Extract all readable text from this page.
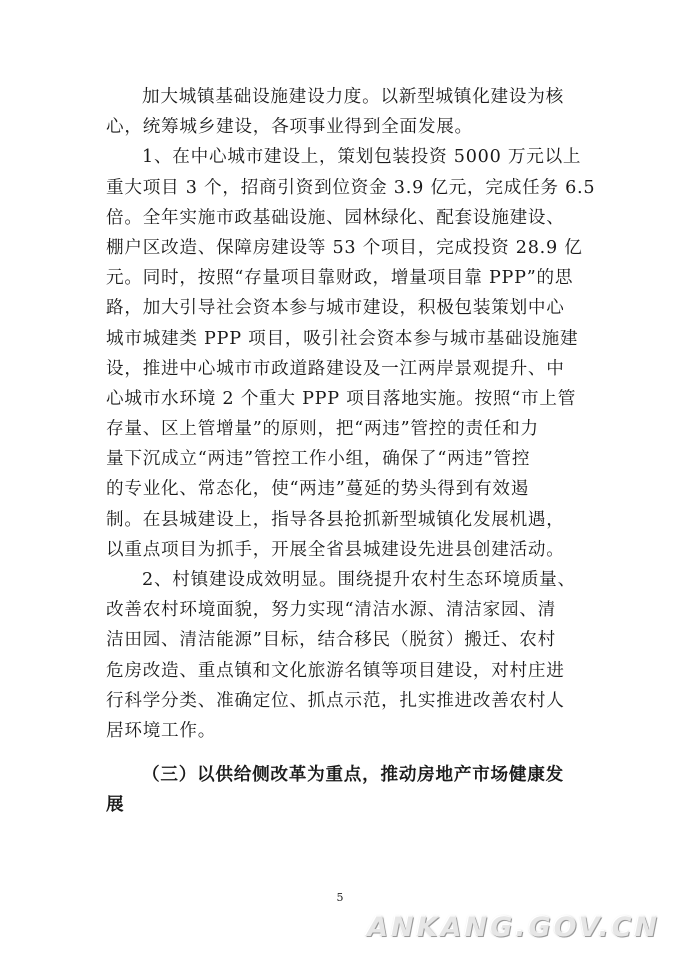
加大城镇基础设施建设力度。以新型城镇化建设为核
心，统筹城乡建设，各项事业得到全面发展。
1、在中心城市建设上，策划包装投资 5000 万元以上
重大项目 3 个，招商引资到位资金 3.9 亿元，完成任务 6.5
倍。全年实施市政基础设施、园林绿化、配套设施建设、
棚户区改造、保障房建设等 53 个项目，完成投资 28.9 亿
元。同时，按照“存量项目靠财政，增量项目靠 PPP”的思
路，加大引导社会资本参与城市建设，积极包装策划中心
城市城建类 PPP 项目，吸引社会资本参与城市基础设施建
设，推进中心城市市政道路建设及一江两岸景观提升、中
心城市水环境 2 个重大 PPP 项目落地实施。按照“市上管
存量、区上管增量”的原则，把“两违”管控的责任和力
量下沉成立“两违”管控工作小组，确保了“两违”管控
的专业化、常态化，使“两违”蔓延的势头得到有效遏
制。在县城建设上，指导各县抢抓新型城镇化发展机遇，
以重点项目为抓手，开展全省县城建设先进县创建活动。
2、村镇建设成效明显。围绕提升农村生态环境质量、
改善农村环境面貌，努力实现“清洁水源、清洁家园、清
洁田园、清洁能源”目标，结合移民（脱贫）搬迁、农村
危房改造、重点镇和文化旅游名镇等项目建设，对村庄进
行科学分类、准确定位、抓点示范，扎实推进改善农村人
居环境工作。
（三）以供给侧改革为重点，推动房地产市场健康发
展
5
ANKANG.GOV.CN
